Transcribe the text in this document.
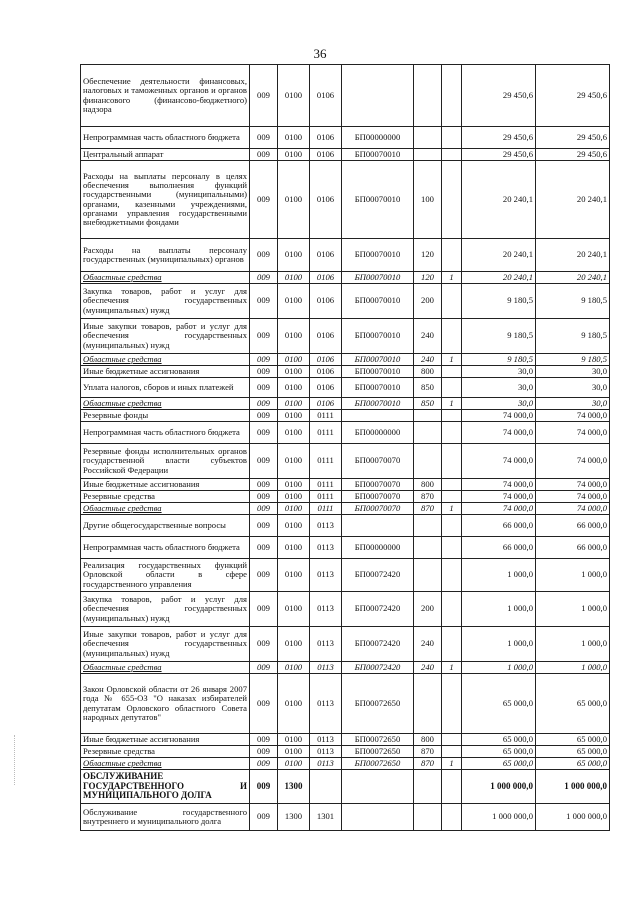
36
Обеспечение деятельности финансовых, налоговых и таможенных органов и органов финансового (финансово-бюджетного) надзора	009	0100	0106				29 450,6	29 450,6
Непрограммная часть областного бюджета	009	0100	0106	БП00000000			29 450,6	29 450,6
Центральный аппарат	009	0100	0106	БП00070010			29 450,6	29 450,6
Расходы на выплаты персоналу в целях обеспечения выполнения функций государственными (муниципальными) органами, казенными учреждениями, органами управления государственными внебюджетными фондами	009	0100	0106	БП00070010	100		20 240,1	20 240,1
Расходы на выплаты персоналу государственных (муниципальных) органов	009	0100	0106	БП00070010	120		20 240,1	20 240,1
Областные средства	009	0100	0106	БП00070010	120	1	20 240,1	20 240,1
Закупка товаров, работ и услуг для обеспечения государственных (муниципальных) нужд	009	0100	0106	БП00070010	200		9 180,5	9 180,5
Иные закупки товаров, работ и услуг для обеспечения государственных (муниципальных) нужд	009	0100	0106	БП00070010	240		9 180,5	9 180,5
Областные средства	009	0100	0106	БП00070010	240	1	9 180,5	9 180,5
Иные бюджетные ассигнования	009	0100	0106	БП00070010	800		30,0	30,0
Уплата налогов, сборов и иных платежей	009	0100	0106	БП00070010	850		30,0	30,0
Областные средства	009	0100	0106	БП00070010	850	1	30,0	30,0
Резервные фонды	009	0100	0111				74 000,0	74 000,0
Непрограммная часть областного бюджета	009	0100	0111	БП00000000			74 000,0	74 000,0
Резервные фонды исполнительных органов государственной власти субъектов Российской Федерации	009	0100	0111	БП00070070			74 000,0	74 000,0
Иные бюджетные ассигнования	009	0100	0111	БП00070070	800		74 000,0	74 000,0
Резервные средства	009	0100	0111	БП00070070	870		74 000,0	74 000,0
Областные средства	009	0100	0111	БП00070070	870	1	74 000,0	74 000,0
Другие общегосударственные вопросы	009	0100	0113				66 000,0	66 000,0
Непрограммная часть областного бюджета	009	0100	0113	БП00000000			66 000,0	66 000,0
Реализация государственных функций Орловской области в сфере государственного управления	009	0100	0113	БП00072420			1 000,0	1 000,0
Закупка товаров, работ и услуг для обеспечения государственных (муниципальных) нужд	009	0100	0113	БП00072420	200		1 000,0	1 000,0
Иные закупки товаров, работ и услуг для обеспечения государственных (муниципальных) нужд	009	0100	0113	БП00072420	240		1 000,0	1 000,0
Областные средства	009	0100	0113	БП00072420	240	1	1 000,0	1 000,0
Закон Орловской области от 26 января 2007 года № 655-ОЗ "О наказах избирателей депутатам Орловского областного Совета народных депутатов"	009	0100	0113	БП00072650			65 000,0	65 000,0
Иные бюджетные ассигнования	009	0100	0113	БП00072650	800		65 000,0	65 000,0
Резервные средства	009	0100	0113	БП00072650	870		65 000,0	65 000,0
Областные средства	009	0100	0113	БП00072650	870	1	65 000,0	65 000,0
ОБСЛУЖИВАНИЕ ГОСУДАРСТВЕННОГО И МУНИЦИПАЛЬНОГО ДОЛГА	009	1300					1 000 000,0	1 000 000,0
Обслуживание государственного внутреннего и муниципального долга	009	1300	1301				1 000 000,0	1 000 000,0
